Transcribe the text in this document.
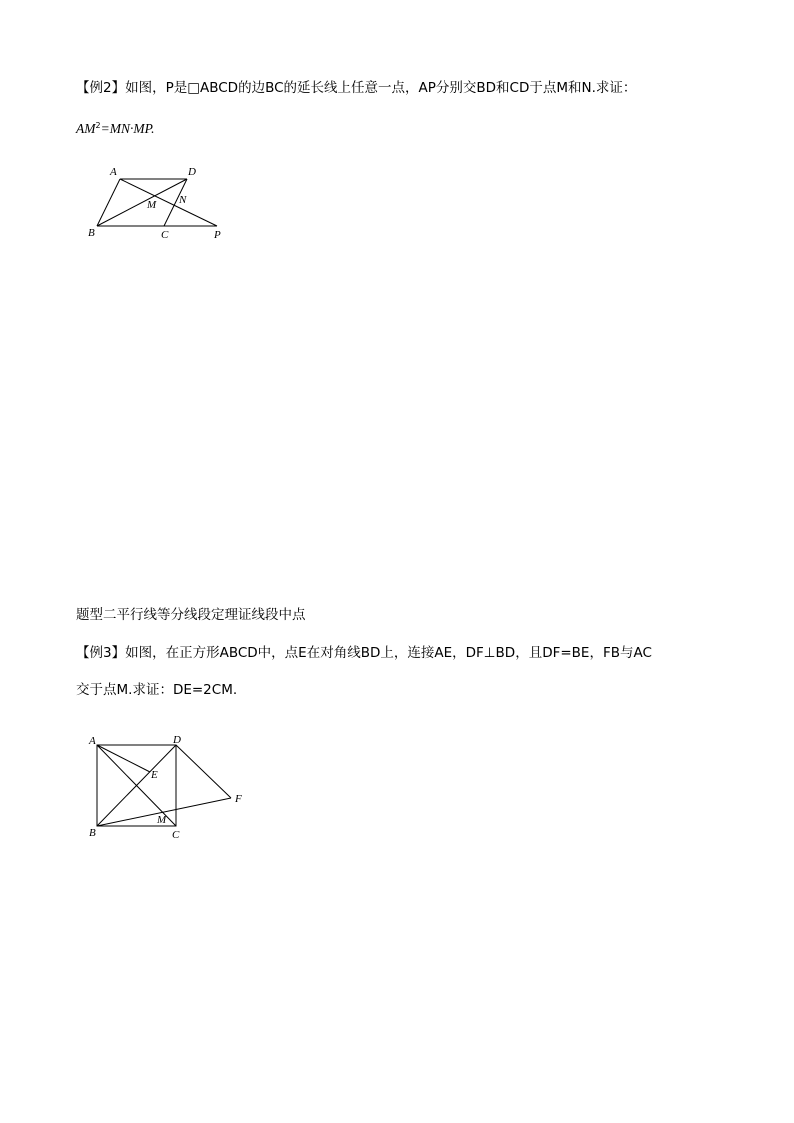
【例2】如图，P是□ABCD的边BC的延长线上任意一点，AP分别交BD和CD于点M和N.求证：
$AM^2=MN\cdot MP$.
A	D
M N
B	C	P
题型二平行线等分线段定理证线段中点
【例3】如图，在正方形ABCD中，点E在对角线BD上，连接AE，DF⊥BD，且DF=BE，FB与AC
交于点M.求证：DE=2CM.
A	D
E
F
M
B	C
